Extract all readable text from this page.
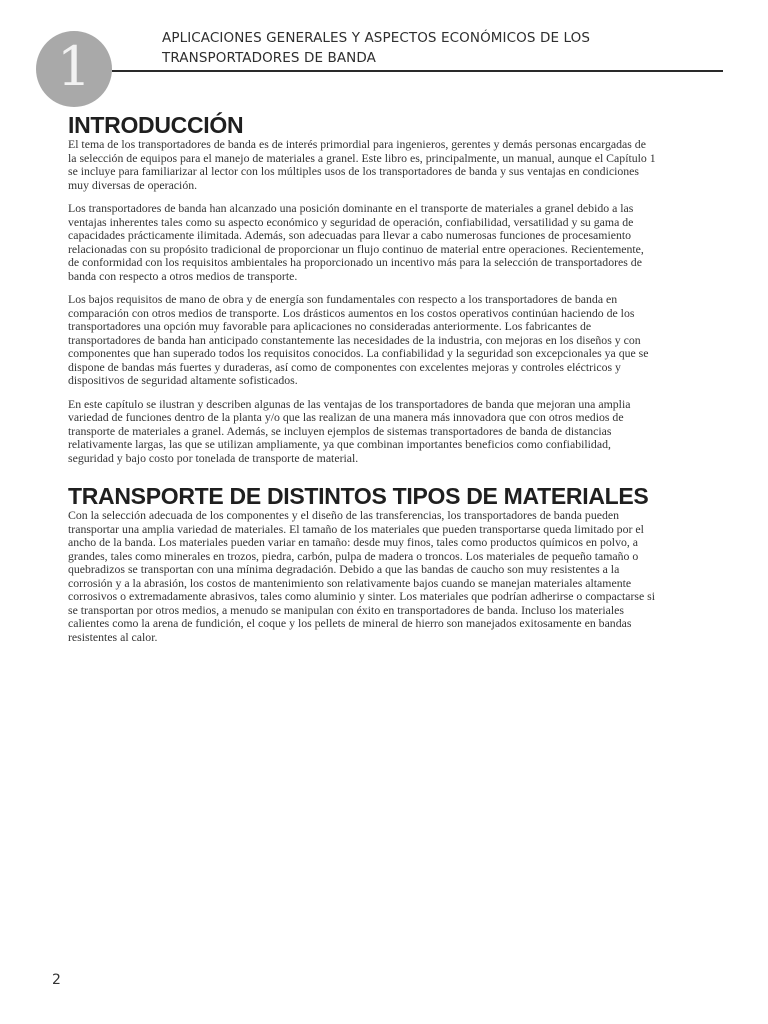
1	APLICACIONES GENERALES Y ASPECTOS ECONÓMICOS DE LOS
TRANSPORTADORES DE BANDA
INTRODUCCIÓN

El tema de los transportadores de banda es de interés primordial para ingenieros, gerentes y demás personas encargadas de la selección de equipos para el manejo de materiales a granel. Este libro es, principalmente, un manual, aunque el Capítulo 1 se incluye para familiarizar al lector con los múltiples usos de los transportadores de banda y sus ventajas en condiciones muy diversas de operación.

Los transportadores de banda han alcanzado una posición dominante en el transporte de materiales a granel debido a las ventajas inherentes tales como su aspecto económico y seguridad de operación, confiabilidad, versatilidad y su gama de capacidades prácticamente ilimitada. Además, son adecuadas para llevar a cabo numerosas funciones de procesamiento relacionadas con su propósito tradicional de proporcionar un flujo continuo de material entre operaciones. Recientemente, de conformidad con los requisitos ambientales ha proporcionado un incentivo más para la selección de transportadores de banda con respecto a otros medios de transporte.

Los bajos requisitos de mano de obra y de energía son fundamentales con respecto a los transportadores de banda en comparación con otros medios de transporte. Los drásticos aumentos en los costos operativos continúan haciendo de los transportadores una opción muy favorable para aplicaciones no consideradas anteriormente. Los fabricantes de transportadores de banda han anticipado constantemente las necesidades de la industria, con mejoras en los diseños y con componentes que han superado todos los requisitos conocidos. La confiabilidad y la seguridad son excepcionales ya que se dispone de bandas más fuertes y duraderas, así como de componentes con excelentes mejoras y controles eléctricos y dispositivos de seguridad altamente sofisticados.

En este capítulo se ilustran y describen algunas de las ventajas de los transportadores de banda que mejoran una amplia variedad de funciones dentro de la planta y/o que las realizan de una manera más innovadora que con otros medios de transporte de materiales a granel. Además, se incluyen ejemplos de sistemas transportadores de banda de distancias relativamente largas, las que se utilizan ampliamente, ya que combinan importantes beneficios como confiabilidad, seguridad y bajo costo por tonelada de transporte de material.

TRANSPORTE DE DISTINTOS TIPOS DE MATERIALES

Con la selección adecuada de los componentes y el diseño de las transferencias, los transportadores de banda pueden transportar una amplia variedad de materiales. El tamaño de los materiales que pueden transportarse queda limitado por el ancho de la banda. Los materiales pueden variar en tamaño: desde muy finos, tales como productos químicos en polvo, a grandes, tales como minerales en trozos, piedra, carbón, pulpa de madera o troncos. Los materiales de pequeño tamaño o quebradizos se transportan con una mínima degradación. Debido a que las bandas de caucho son muy resistentes a la corrosión y a la abrasión, los costos de mantenimiento son relativamente bajos cuando se manejan materiales altamente corrosivos o extremadamente abrasivos, tales como aluminio y sinter. Los materiales que podrían adherirse o compactarse si se transportan por otros medios, a menudo se manipulan con éxito en transportadores de banda. Incluso los materiales calientes como la arena de fundición, el coque y los pellets de mineral de hierro son manejados exitosamente en bandas resistentes al calor.

2
